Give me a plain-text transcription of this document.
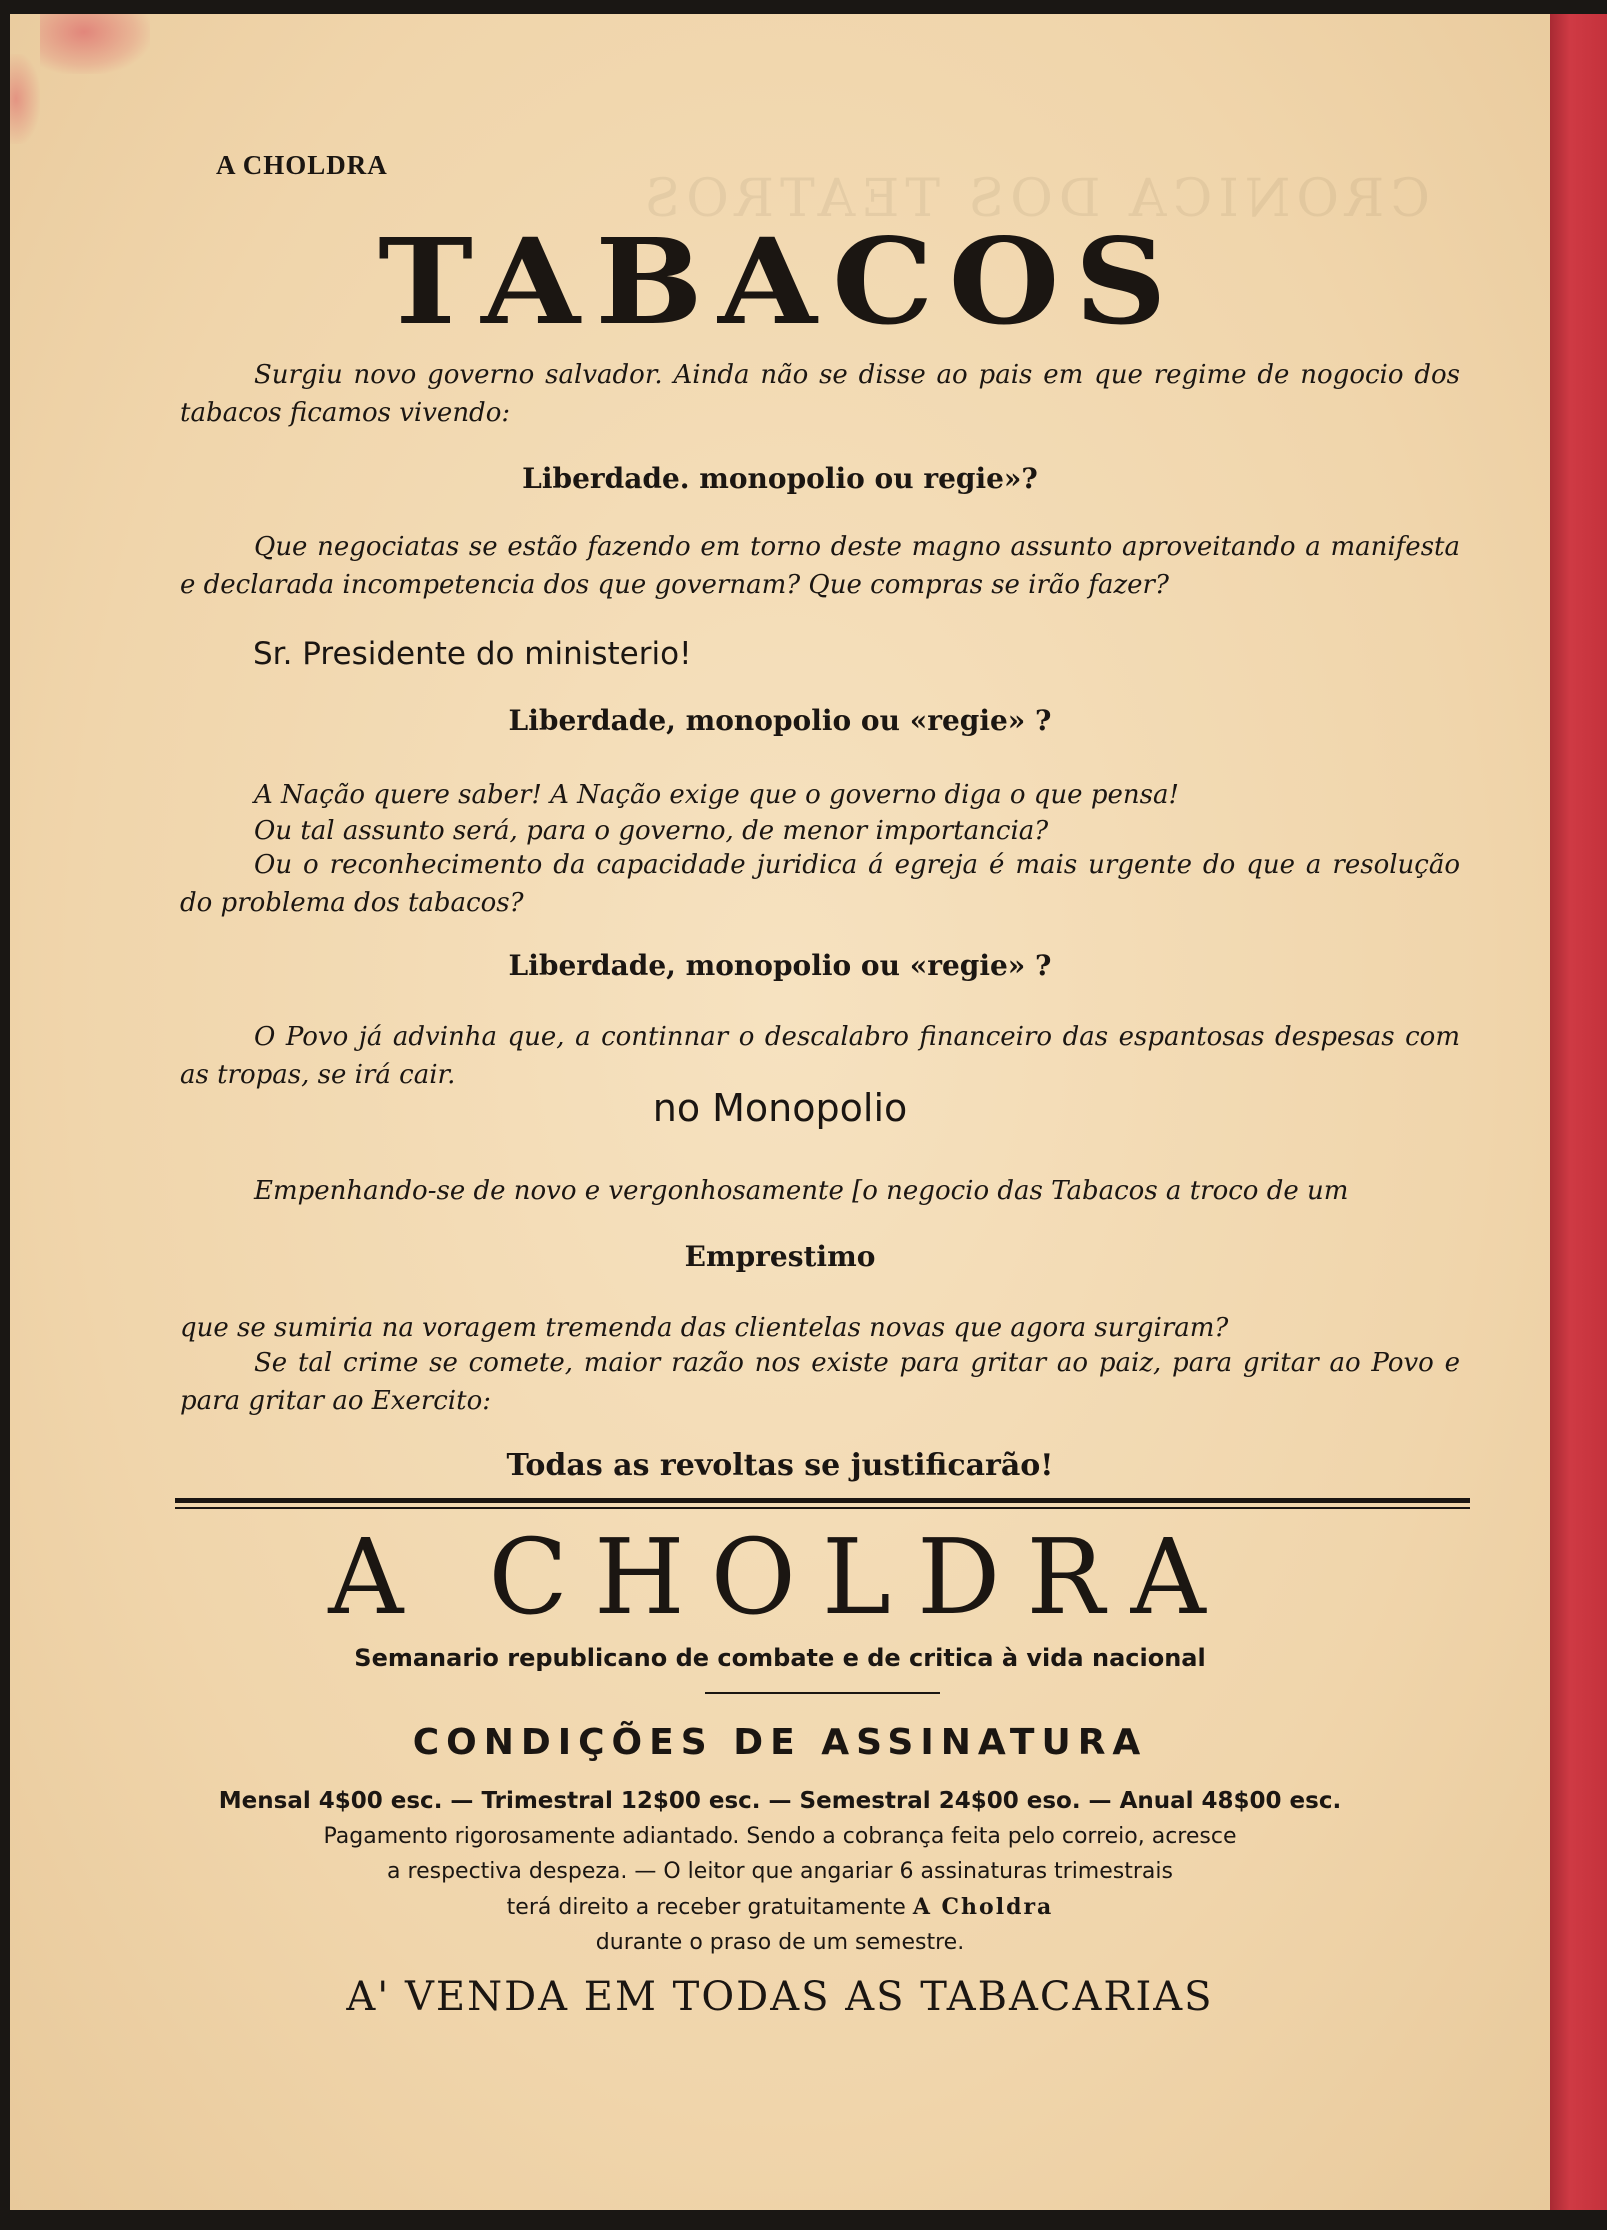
CRONICA DOS TEATROS

A CHOLDRA

TABACOS

Surgiu novo governo salvador. Ainda não se disse ao pais em que regime de nogocio dos tabacos ficamos vivendo:

Liberdade. monopolio ou regie»?

Que negociatas se estão fazendo em torno deste magno assunto aproveitando a manifesta e declarada incompetencia dos que governam? Que compras se irão fazer?

Sr. Presidente do ministerio!

Liberdade, monopolio ou «regie» ?

A Nação quere saber! A Nação exige que o governo diga o que pensa!

Ou tal assunto será, para o governo, de menor importancia?

Ou o reconhecimento da capacidade juridica á egreja é mais urgente do que a resolução do problema dos tabacos?

Liberdade, monopolio ou «regie» ?

O Povo já advinha que, a continnar o descalabro financeiro das espantosas despesas com as tropas, se irá cair.

no Monopolio

Empenhando-se de novo e vergonhosamente [o negocio das Tabacos a troco de um

Emprestimo

que se sumiria na voragem tremenda das clientelas novas que agora surgiram?

Se tal crime se comete, maior razão nos existe para gritar ao paiz, para gritar ao Povo e para gritar ao Exercito:

Todas as revoltas se justificarão!

A CHOLDRA

Semanario republicano de combate e de critica à vida nacional

CONDIÇÕES DE ASSINATURA

Mensal 4$00 esc. — Trimestral 12$00 esc. — Semestral 24$00 eso. — Anual 48$00 esc.

Pagamento rigorosamente adiantado. Sendo a cobrança feita pelo correio, acresce

a respectiva despeza. — O leitor que angariar 6 assinaturas trimestrais

terá direito a receber gratuitamente A Choldra

durante o praso de um semestre.

A' VENDA EM TODAS AS TABACARIAS
